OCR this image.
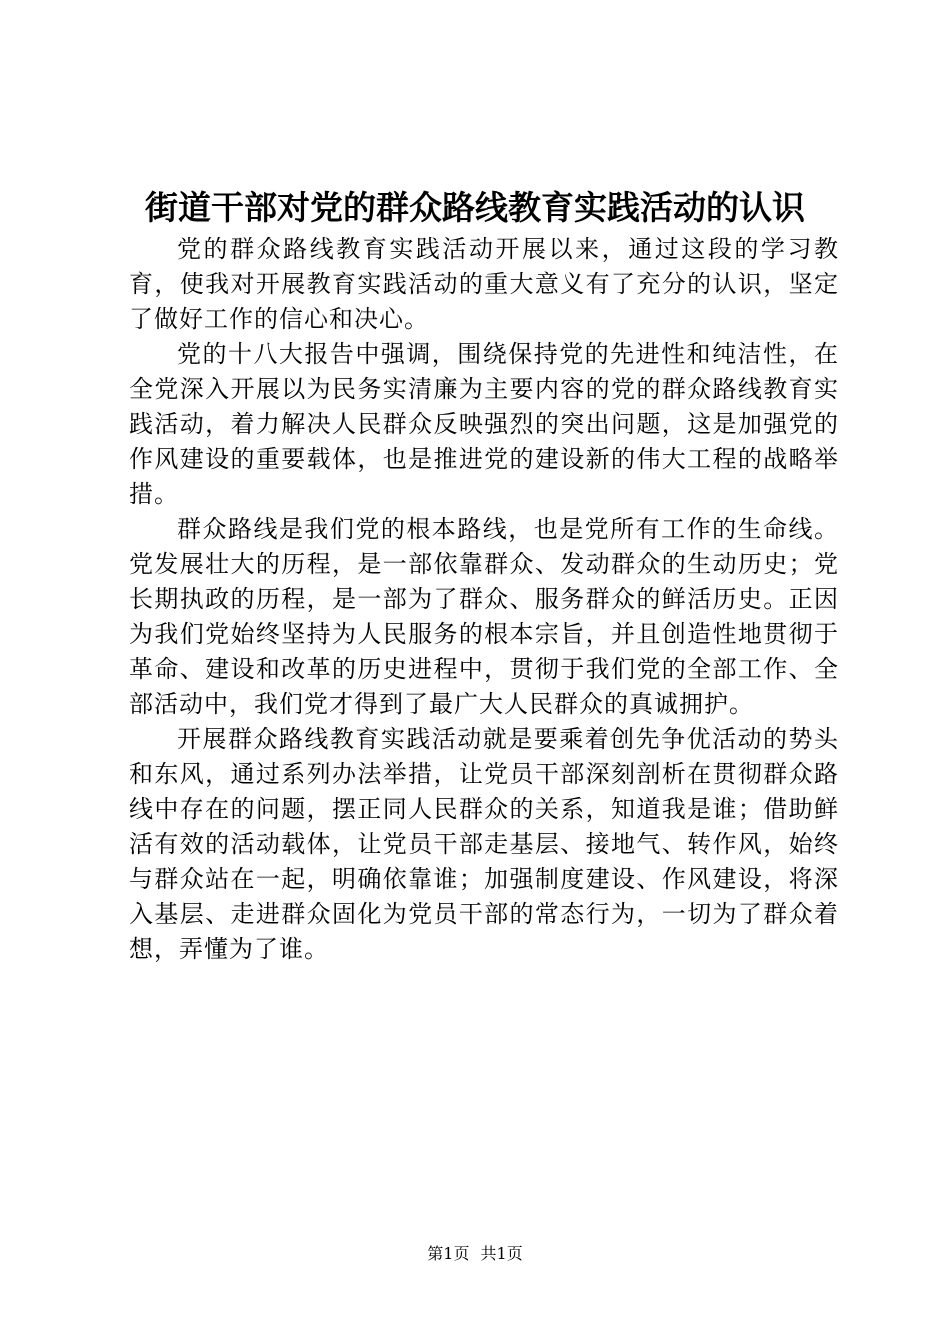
街道干部对党的群众路线教育实践活动的认识

党的群众路线教育实践活动开展以来，通过这段的学习教育，使我对开展教育实践活动的重大意义有了充分的认识，坚定了做好工作的信心和决心。

党的十八大报告中强调，围绕保持党的先进性和纯洁性，在全党深入开展以为民务实清廉为主要内容的党的群众路线教育实践活动，着力解决人民群众反映强烈的突出问题，这是加强党的作风建设的重要载体，也是推进党的建设新的伟大工程的战略举措。

群众路线是我们党的根本路线，也是党所有工作的生命线。党发展壮大的历程，是一部依靠群众、发动群众的生动历史；党长期执政的历程，是一部为了群众、服务群众的鲜活历史。正因为我们党始终坚持为人民服务的根本宗旨，并且创造性地贯彻于革命、建设和改革的历史进程中，贯彻于我们党的全部工作、全部活动中，我们党才得到了最广大人民群众的真诚拥护。

开展群众路线教育实践活动就是要乘着创先争优活动的势头和东风，通过系列办法举措，让党员干部深刻剖析在贯彻群众路线中存在的问题，摆正同人民群众的关系，知道我是谁；借助鲜活有效的活动载体，让党员干部走基层、接地气、转作风，始终与群众站在一起，明确依靠谁；加强制度建设、作风建设，将深入基层、走进群众固化为党员干部的常态行为，一切为了群众着想，弄懂为了谁。

第1页 共1页
